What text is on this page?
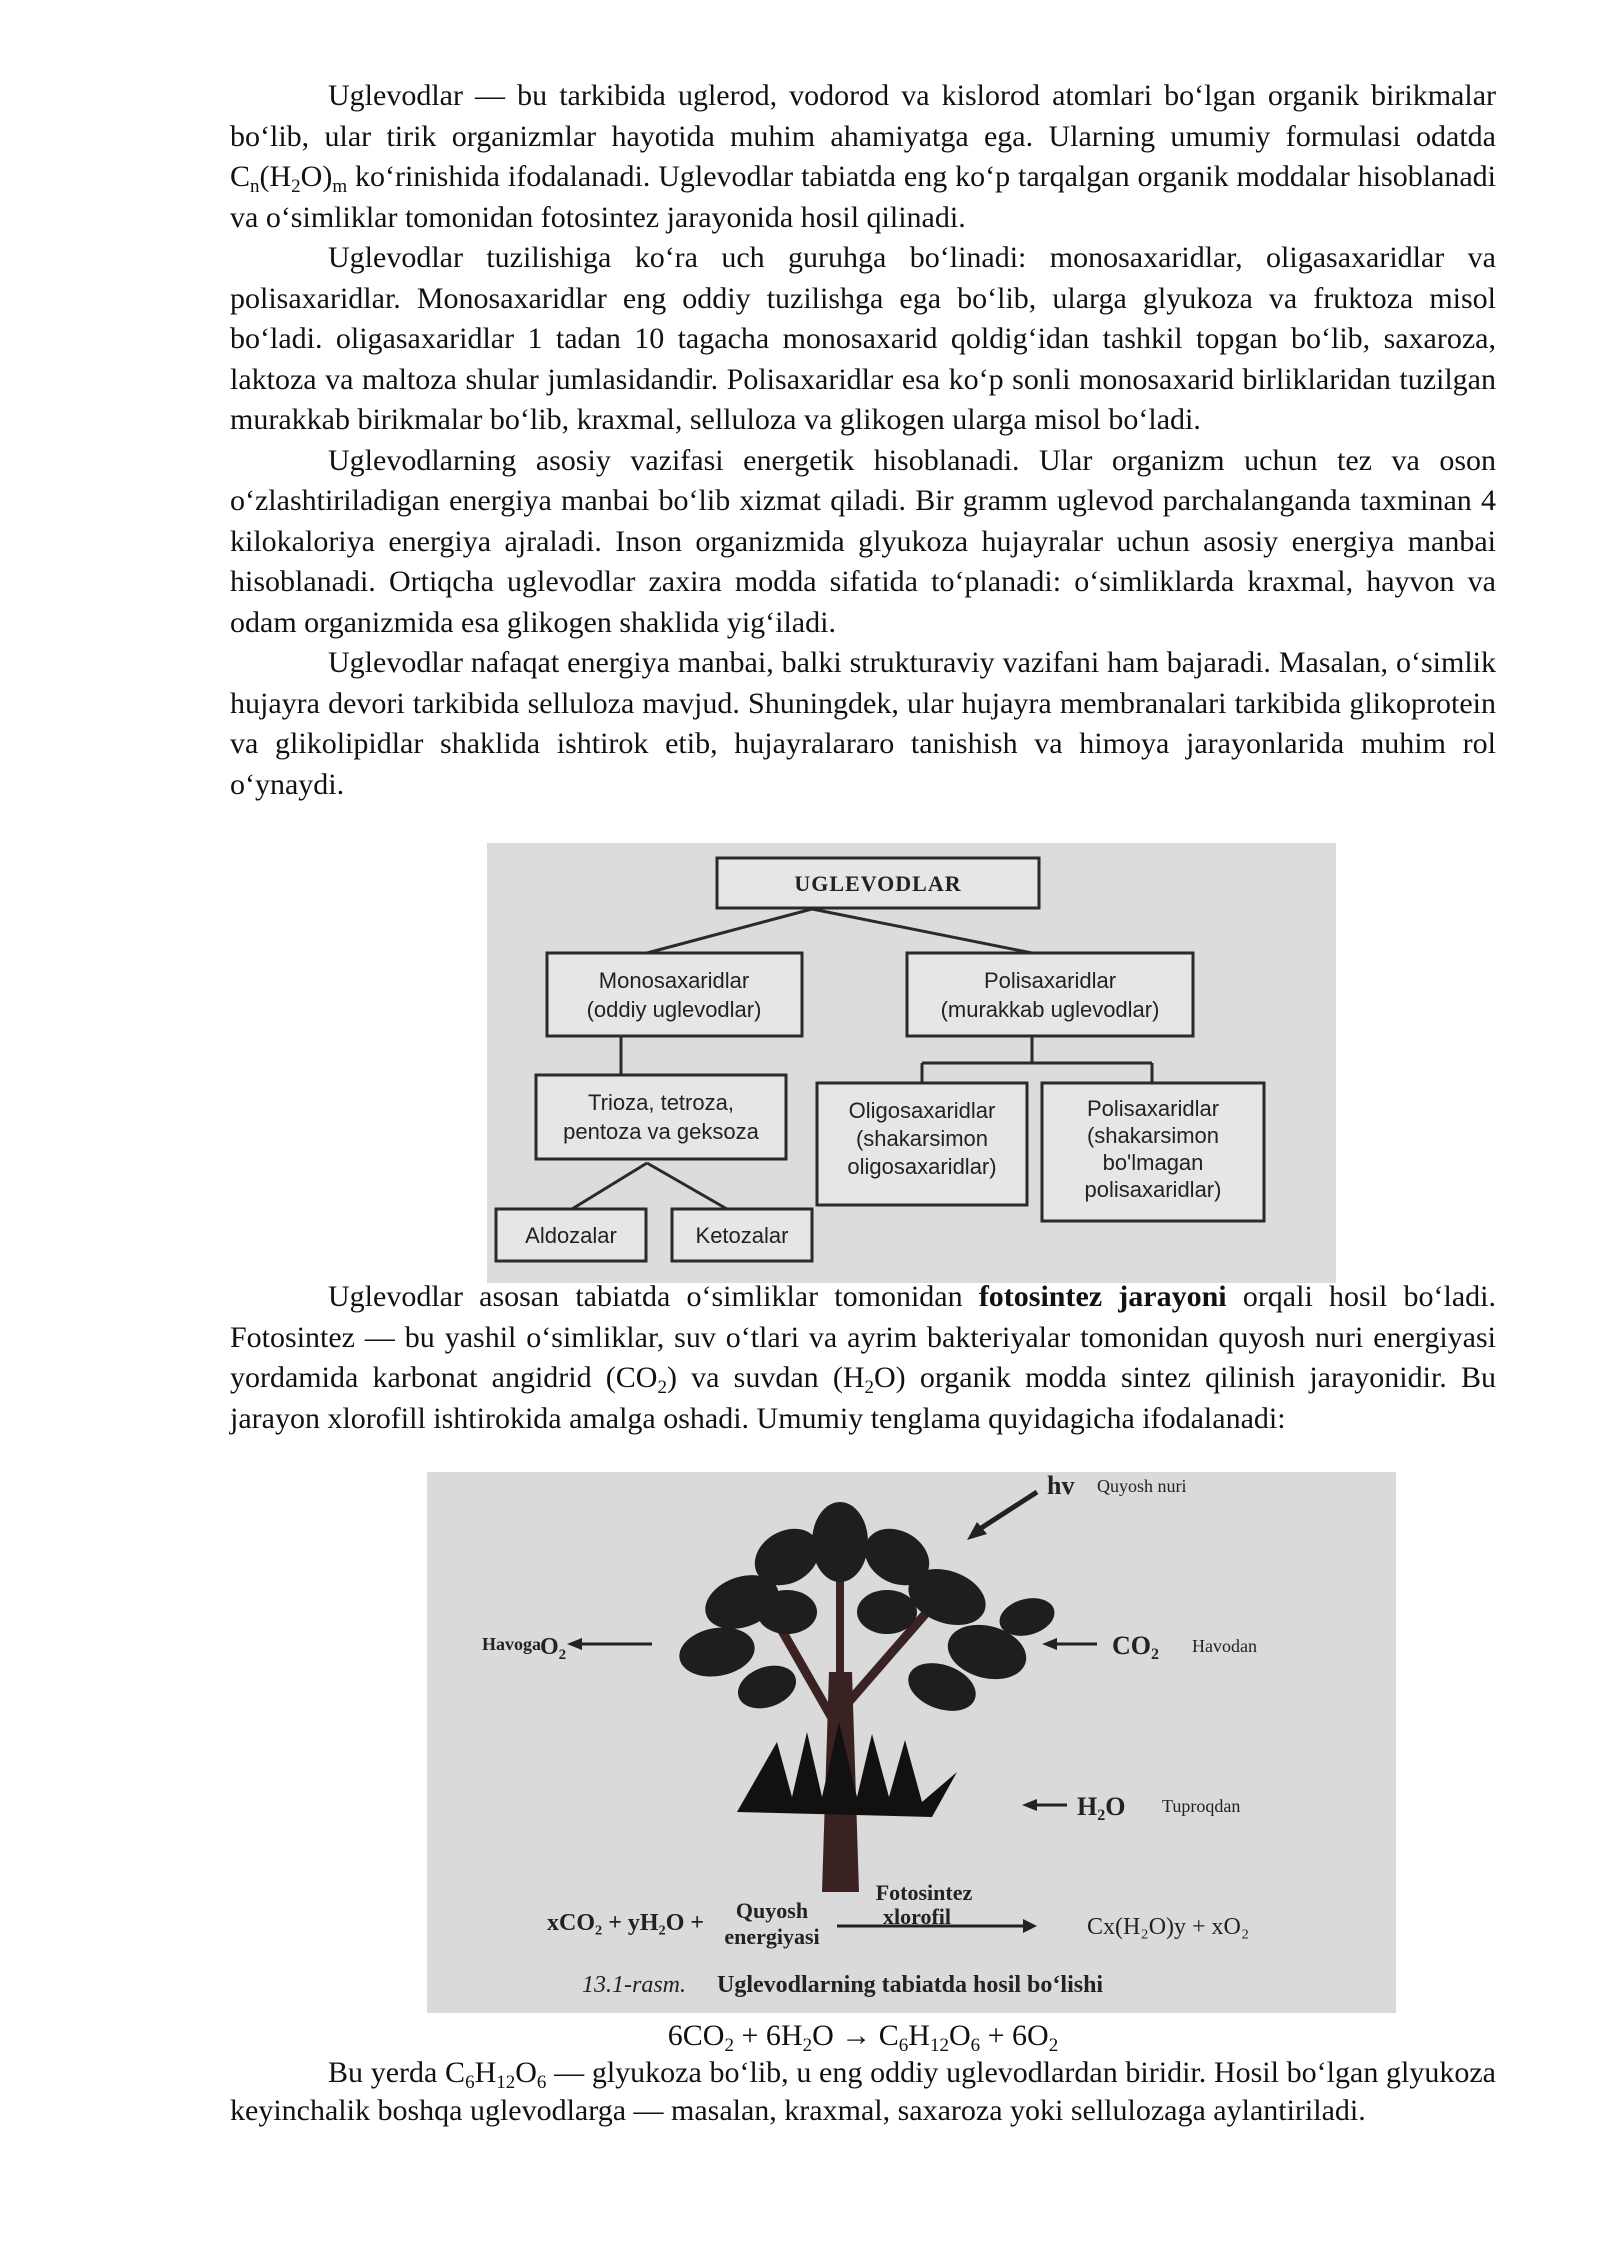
Uglevodlar — bu tarkibida uglerod, vodorod va kislorod atomlari bo‘lgan organik birikmalar bo‘lib, ular tirik organizmlar hayotida muhim ahamiyatga ega. Ularning umumiy formulasi odatda $C_n(H_2O)_m$ ko‘rinishida ifodalanadi. Uglevodlar tabiatda eng ko‘p tarqalgan organik moddalar hisoblanadi va o‘simliklar tomonidan fotosintez jarayonida hosil qilinadi.

Uglevodlar tuzilishiga ko‘ra uch guruhga bo‘linadi: monosaxaridlar, oligasaxaridlar va polisaxaridlar. Monosaxaridlar eng oddiy tuzilishga ega bo‘lib, ularga glyukoza va fruktoza misol bo‘ladi. oligasaxaridlar 1 tadan 10 tagacha monosaxarid qoldig‘idan tashkil topgan bo‘lib, saxaroza, laktoza va maltoza shular jumlasidandir. Polisaxaridlar esa ko‘p sonli monosaxarid birliklaridan tuzilgan murakkab birikmalar bo‘lib, kraxmal, selluloza va glikogen ularga misol bo‘ladi.

Uglevodlarning asosiy vazifasi energetik hisoblanadi. Ular organizm uchun tez va oson o‘zlashtiriladigan energiya manbai bo‘lib xizmat qiladi. Bir gramm uglevod parchalanganda taxminan 4 kilokaloriya energiya ajraladi. Inson organizmida glyukoza hujayralar uchun asosiy energiya manbai hisoblanadi. Ortiqcha uglevodlar zaxira modda sifatida to‘planadi: o‘simliklarda kraxmal, hayvon va odam organizmida esa glikogen shaklida yig‘iladi.

Uglevodlar nafaqat energiya manbai, balki strukturaviy vazifani ham bajaradi. Masalan, o‘simlik hujayra devori tarkibida selluloza mavjud. Shuningdek, ular hujayra membranalari tarkibida glikoprotein va glikolipidlar shaklida ishtirok etib, hujayralararo tanishish va himoya jarayonlarida muhim rol o‘ynaydi.

UGLEVODLAR
Monosaxaridlar
(oddiy uglevodlar)
Polisaxaridlar
(murakkab uglevodlar)
Trioza, tetroza,
pentoza va geksoza
Oligosaxaridlar
(shakarsimon
oligosaxaridlar)
Polisaxaridlar
(shakarsimon
bo'lmagan
polisaxaridlar)
Aldozalar	Ketozalar

Uglevodlar asosan tabiatda o‘simliklar tomonidan fotosintez jarayoni orqali hosil bo‘ladi. Fotosintez — bu yashil o‘simliklar, suv o‘tlari va ayrim bakteriyalar tomonidan quyosh nuri energiyasi yordamida karbonat angidrid $(CO_2)$ va suvdan $(H_2O)$ organik modda sintez qilinish jarayonidir. Bu jarayon xlorofill ishtirokida amalga oshadi. Umumiy tenglama quyidagicha ifodalanadi:

hv Quyosh nuri
Havoga
$O_2$	CO2 Havodan
H2O Tuproqdan
xCO₂ + yH₂O + Quyosh
energiyasi
Fotosintez
xlorofil	Cx(H₂O)y + xO₂
13.1-rasm. Uglevodlarning tabiatda hosil bo‘lishi
$6CO_2 + 6H_2O \to C_6H_{12}O_6 + 6O_2$

Bu yerda $C_6H_{12}O_6$ — glyukoza bo‘lib, u eng oddiy uglevodlardan biridir. Hosil bo‘lgan glyukoza keyinchalik boshqa uglevodlarga — masalan, kraxmal, saxaroza yoki sellulozaga aylantiriladi.
